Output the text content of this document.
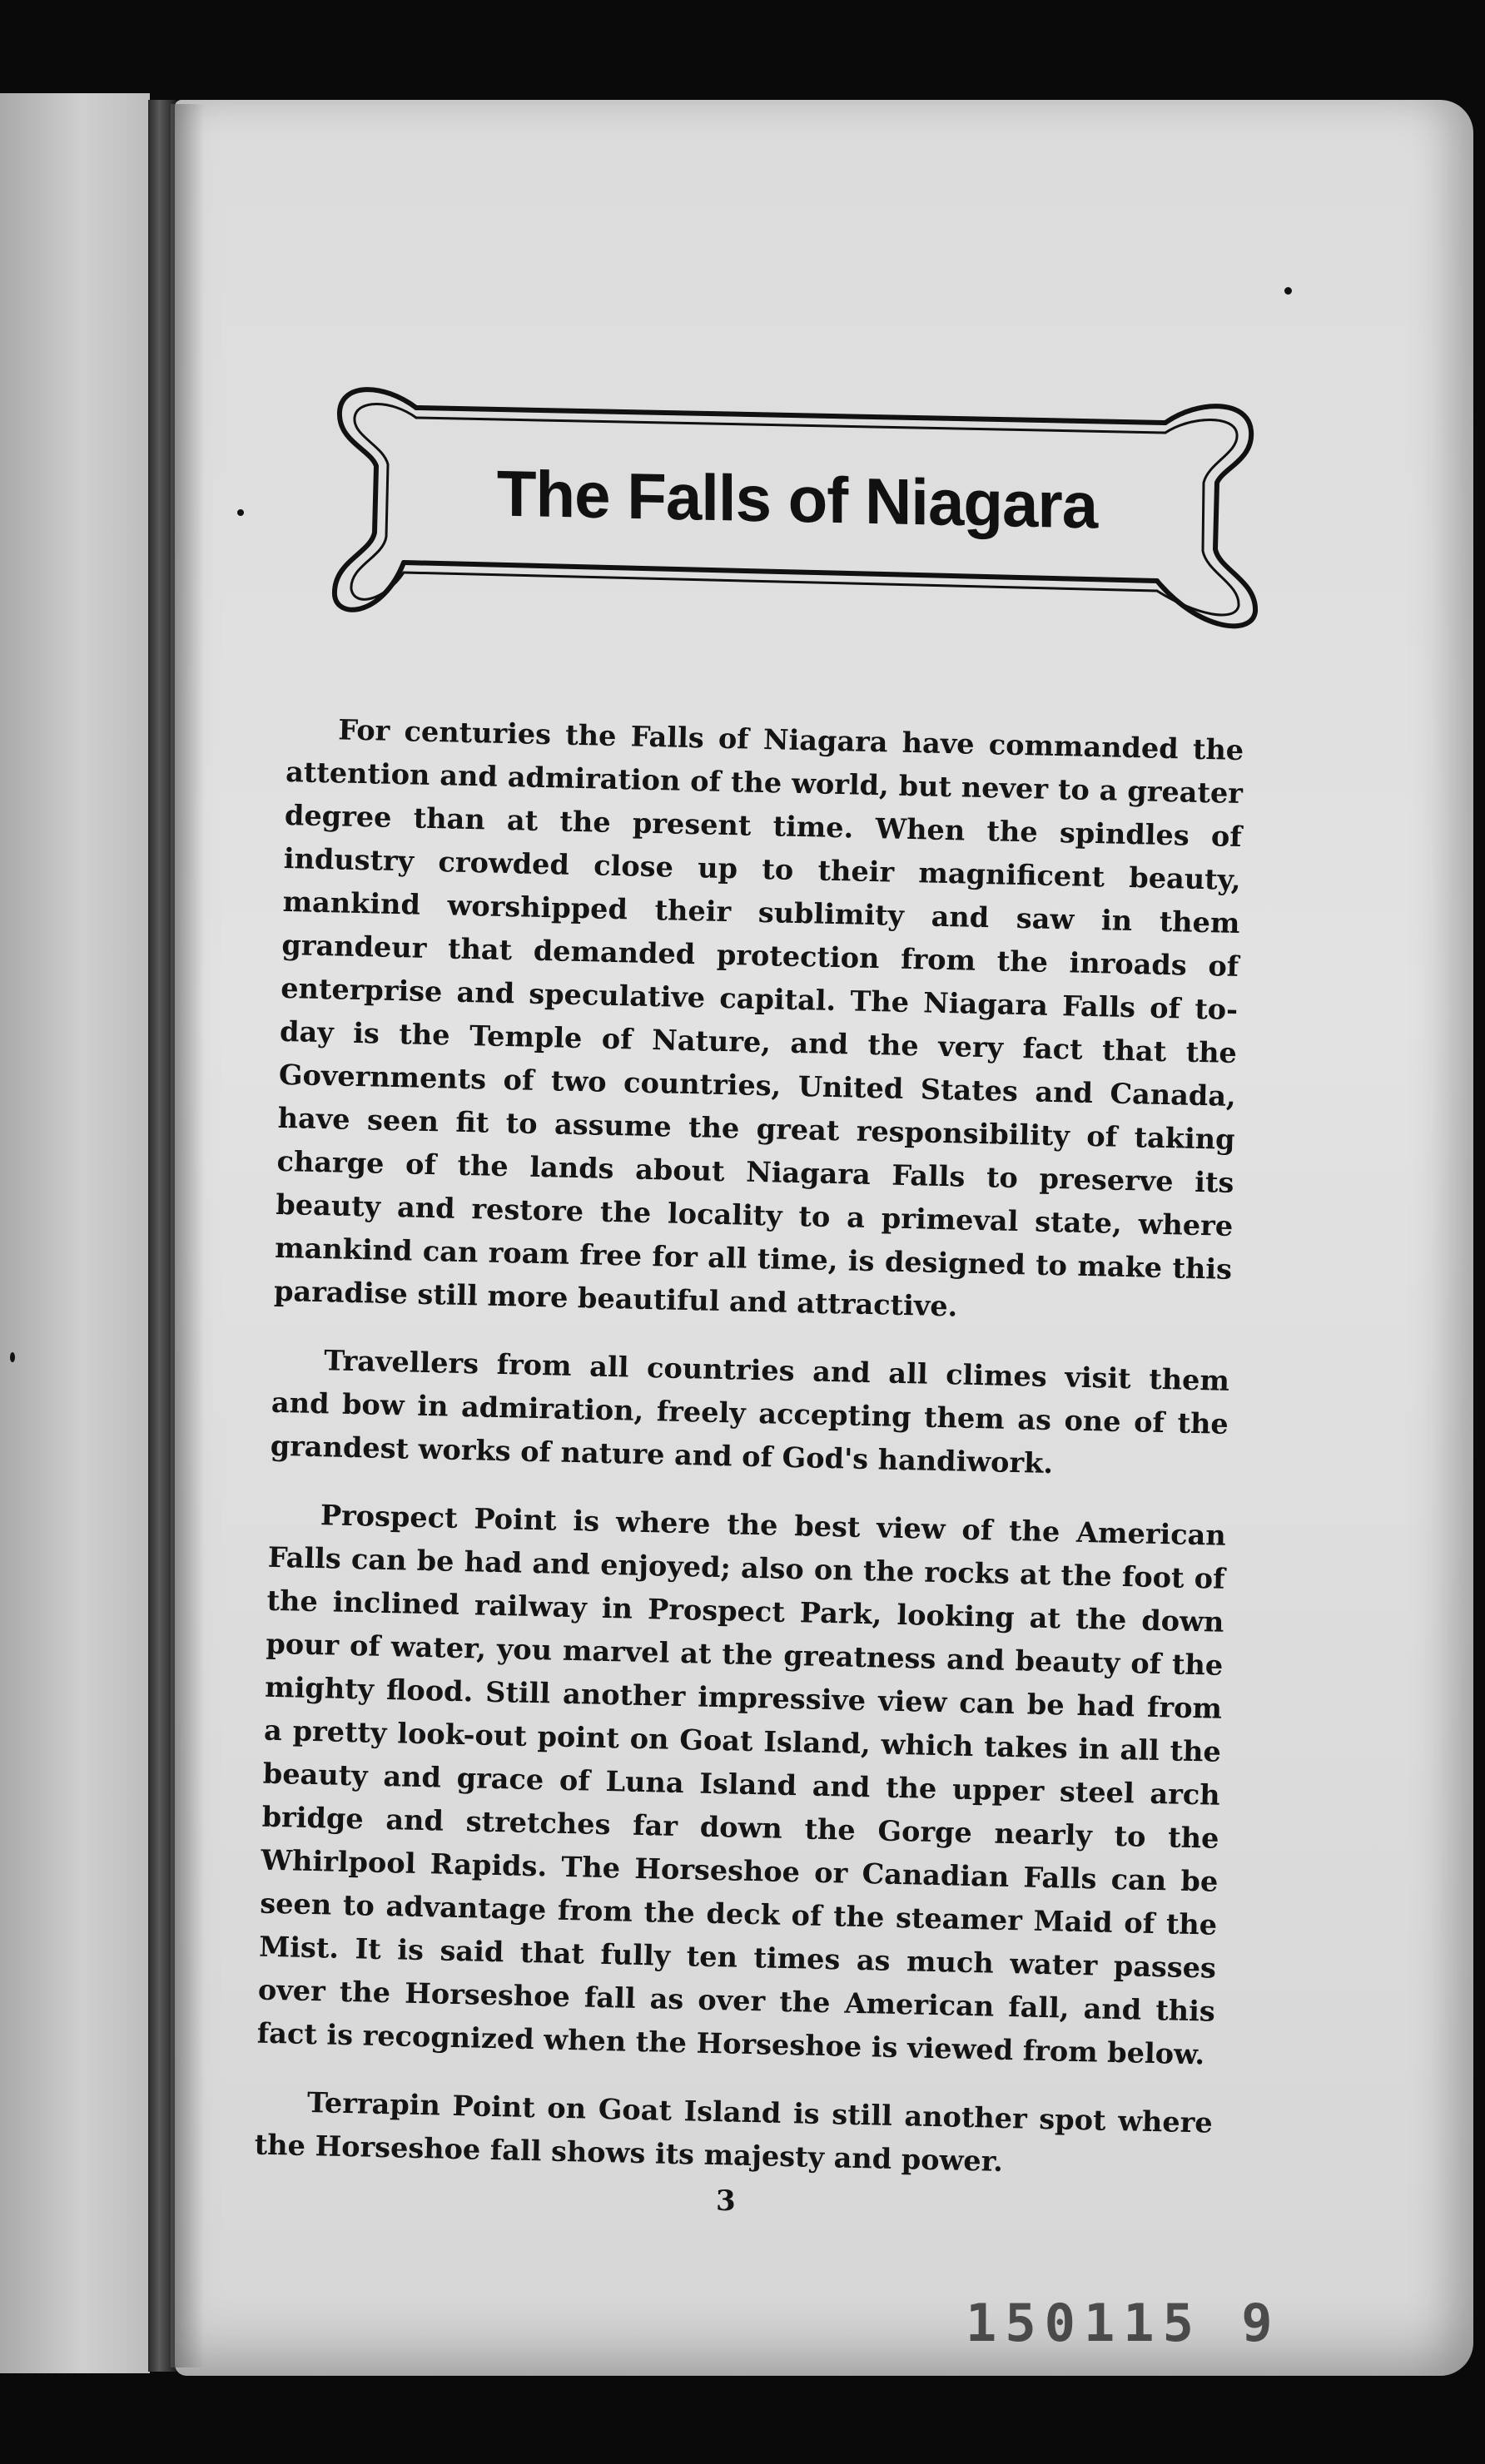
The Falls of Niagara

For centuries the Falls of Niagara have commanded the attention and admiration of the world, but never to a greater degree than at the present time. When the spindles of industry crowded close up to their magnificent beauty, mankind worshipped their sublimity and saw in them grandeur that demanded protection from the inroads of enterprise and speculative capital. The Niagara Falls of to-day is the Temple of Nature, and the very fact that the Governments of two countries, United States and Canada, have seen fit to assume the great responsibility of taking charge of the lands about Niagara Falls to preserve its beauty and restore the locality to a primeval state, where mankind can roam free for all time, is designed to make this paradise still more beautiful and attractive.

Travellers from all countries and all climes visit them and bow in admiration, freely accepting them as one of the grandest works of nature and of God's handiwork.

Prospect Point is where the best view of the American Falls can be had and enjoyed; also on the rocks at the foot of the inclined railway in Prospect Park, looking at the down pour of water, you marvel at the greatness and beauty of the mighty flood. Still another impressive view can be had from a pretty look-out point on Goat Island, which takes in all the beauty and grace of Luna Island and the upper steel arch bridge and stretches far down the Gorge nearly to the Whirlpool Rapids. The Horseshoe or Canadian Falls can be seen to advantage from the deck of the steamer Maid of the Mist. It is said that fully ten times as much water passes over the Horseshoe fall as over the American fall, and this fact is recognized when the Horseshoe is viewed from below.

Terrapin Point on Goat Island is still another spot where the Horseshoe fall shows its majesty and power.

3
150115 9
